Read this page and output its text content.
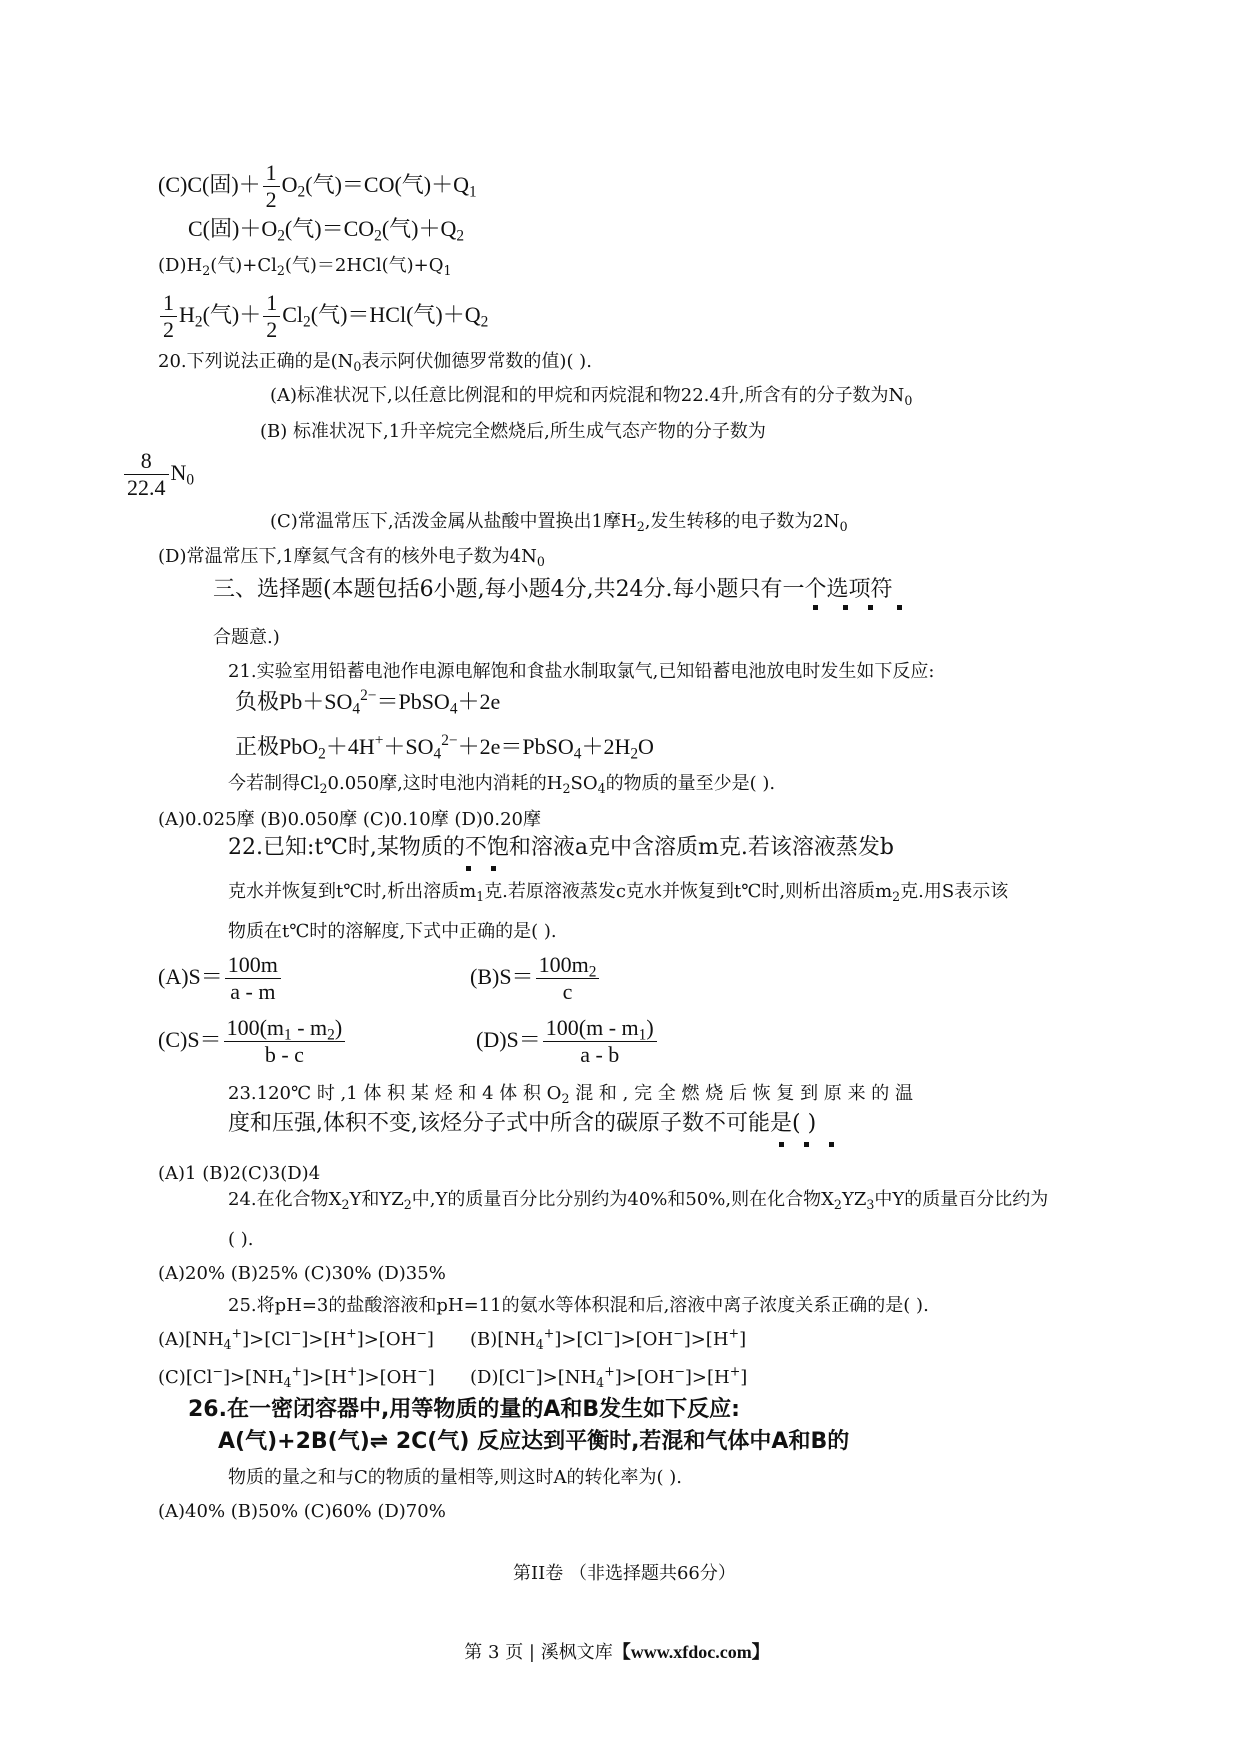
(C)C(固)＋ $\frac{1}{2} O_2$(气)＝CO(气)$+Q_1$
C(固)$+O_2$(气)$=CO_2$(气)$+Q_2$
$(D)H_2$(气)$+Cl_2$(气)＝2HCl(气)$+Q_1$
$\frac{1}{2} H_2$(气)＋ $\frac{1}{2} Cl_2$(气)＝HCl(气)$+Q_2$
20.下列说法正确的是($N_0$表示阿伏伽德罗常数的值)( ).
(A)标准状况下,以任意比例混和的甲烷和丙烷混和物22.4升,所含有的分子数为$N_0$
(B) 标准状况下,1升辛烷完全燃烧后,所生成气态产物的分子数为
$\frac{8}{22.4} N_0$
(C)常温常压下,活泼金属从盐酸中置换出1摩$H_2$,发生转移的电子数为$2N_0$
(D)常温常压下,1摩氦气含有的核外电子数为$4N_0$
三、选择题(本题包括6小题,每小题4分,共24分.每小题只有一个选项符
合题意.)
21.实验室用铅蓄电池作电源电解饱和食盐水制取氯气,已知铅蓄电池放电时发生如下反应:
负极$Pb+SO_4^{2-}=PbSO_4+2e$
正极$PbO_2+4H^++SO_4^{2-}+2e=PbSO_4+2H_2O$
今若制得$Cl_20.050$摩,这时电池内消耗的$H_2SO_4$的物质的量至少是( ).
(A)0.025摩 (B)0.050摩 (C)0.10摩 (D)0.20摩
22.已知:t℃时,某物质的不饱和溶液a克中含溶质m克.若该溶液蒸发b
克水并恢复到t℃时,析出溶质$m_1$克.若原溶液蒸发c克水并恢复到t℃时,则析出溶质$m_2$克.用S表示该
物质在t℃时的溶解度,下式中正确的是( ).
$(A)S= \frac{100m}{a - m}$	$(B)S= \frac{100m_2}{c}$
$(C)S= \frac{100(m_1 - m_2)}{b - c}$	$(D)S= \frac{100(m - m_1)}{a - b}$
23.120℃ 时 ,1 体 积 某 烃 和 4 体 积 $O_2$ 混 和 , 完 全 燃 烧 后 恢 复 到 原 来 的 温
度和压强,体积不变,该烃分子式中所含的碳原子数不可能是( )
(A)1 (B)2(C)3(D)4
24.在化合物$X_2Y$和$YZ_2$中,Y的质量百分比分别约为40%和50%,则在化合物$X_2YZ_3$中Y的质量百分比约为
( ).
(A)20% (B)25% (C)30% (D)35%
25.将pH=3的盐酸溶液和pH=11的氨水等体积混和后,溶液中离子浓度关系正确的是( ).
$(A)[NH_4^+]>[Cl^-]>[H^+]>[OH^-]$ $(B)[NH_4^+]>[Cl^-]>[OH^-]>[H^+]$
$(C)[Cl^-]>[NH_4^+]>[H^+]>[OH^-]$ $(D)[Cl^-]>[NH_4^+]>[OH^-]>[H^+]$
26.在一密闭容器中,用等物质的量的A和B发生如下反应:
A(气)+2B(气)⇌ 2C(气) 反应达到平衡时,若混和气体中A和B的
物质的量之和与C的物质的量相等,则这时A的转化率为( ).
(A)40% (B)50% (C)60% (D)70%
第II卷 （非选择题共66分）
第 3 页 | 溪枫文库【www.xfdoc.com】
